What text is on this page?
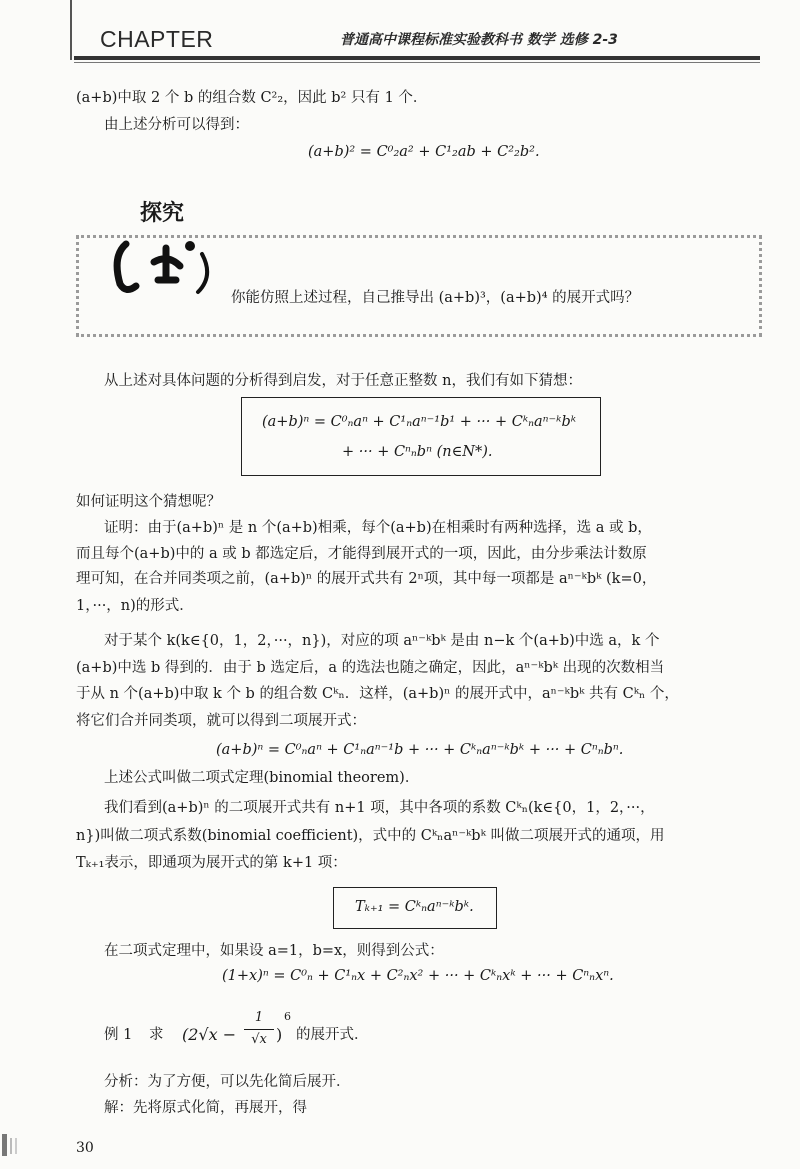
CHAPTER	普通高中课程标准实验教科书 数学 选修 2-3
(a+b)中取 2 个 b 的组合数 C²₂，因此 b² 只有 1 个．
由上述分析可以得到：
(a+b)² = C⁰₂a² + C¹₂ab + C²₂b².
探究
你能仿照上述过程，自己推导出 (a+b)³，(a+b)⁴ 的展开式吗？
从上述对具体问题的分析得到启发，对于任意正整数 n，我们有如下猜想：
(a+b)ⁿ = C⁰ₙaⁿ + C¹ₙaⁿ⁻¹b¹ + ··· + Cᵏₙaⁿ⁻ᵏbᵏ
+ ··· + Cⁿₙbⁿ (n∈N*).
如何证明这个猜想呢？
证明：由于(a+b)ⁿ 是 n 个(a+b)相乘，每个(a+b)在相乘时有两种选择，选 a 或 b，
而且每个(a+b)中的 a 或 b 都选定后，才能得到展开式的一项，因此，由分步乘法计数原
理可知，在合并同类项之前，(a+b)ⁿ 的展开式共有 2ⁿ项，其中每一项都是 aⁿ⁻ᵏbᵏ (k=0，
1，···，n)的形式．
对于某个 k(k∈{0，1，2，···，n})，对应的项 aⁿ⁻ᵏbᵏ 是由 n−k 个(a+b)中选 a，k 个
(a+b)中选 b 得到的．由于 b 选定后，a 的选法也随之确定，因此，aⁿ⁻ᵏbᵏ 出现的次数相当
于从 n 个(a+b)中取 k 个 b 的组合数 Cᵏₙ．这样，(a+b)ⁿ 的展开式中，aⁿ⁻ᵏbᵏ 共有 Cᵏₙ 个，
将它们合并同类项，就可以得到二项展开式：
(a+b)ⁿ = C⁰ₙaⁿ + C¹ₙaⁿ⁻¹b + ··· + Cᵏₙaⁿ⁻ᵏbᵏ + ··· + Cⁿₙbⁿ.
上述公式叫做二项式定理(binomial theorem)．
我们看到(a+b)ⁿ 的二项展开式共有 n+1 项，其中各项的系数 Cᵏₙ(k∈{0，1，2，···，
n})叫做二项式系数(binomial coefficient)，式中的 Cᵏₙaⁿ⁻ᵏbᵏ 叫做二项展开式的通项，用
Tₖ₊₁表示，即通项为展开式的第 k+1 项：
Tₖ₊₁ = Cᵏₙaⁿ⁻ᵏbᵏ.
在二项式定理中，如果设 a=1，b=x，则得到公式：
(1+x)ⁿ = C⁰ₙ + C¹ₙx + C²ₙx² + ··· + Cᵏₙxᵏ + ··· + Cⁿₙxⁿ.
例 1 求 (2√x −
1
√x )
6
的展开式．
分析：为了方便，可以先化简后展开．
解：先将原式化简，再展开，得
30
